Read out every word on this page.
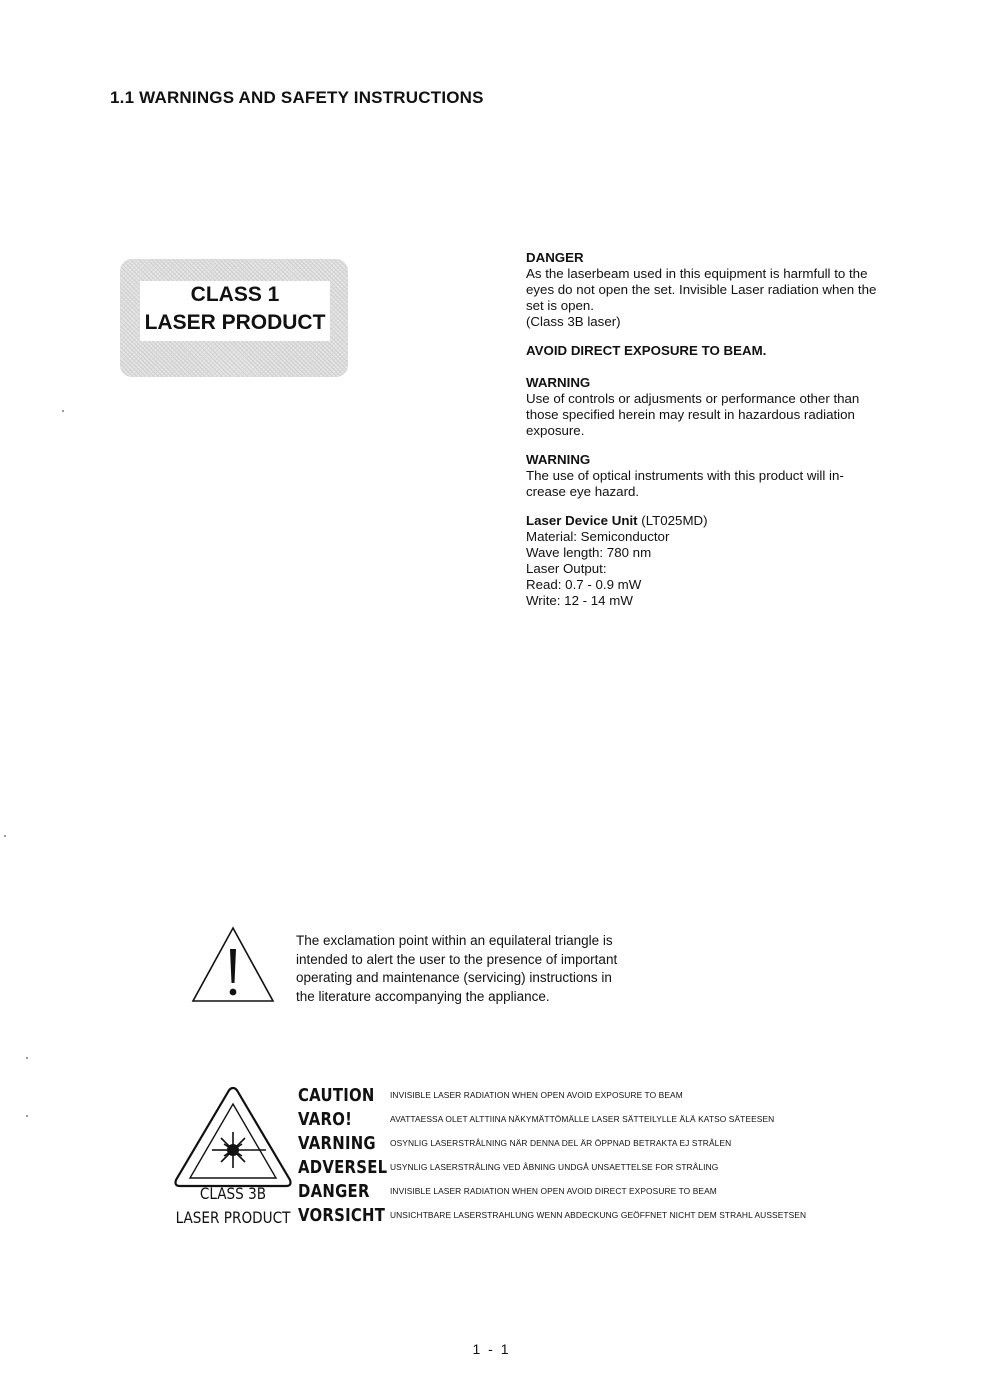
1.1 WARNINGS AND SAFETY INSTRUCTIONS
CLASS 1
LASER PRODUCT

DANGER

As the laserbeam used in this equipment is harmfull to the

eyes do not open the set. Invisible Laser radiation when the

set is open.

(Class 3B laser)

AVOID DIRECT EXPOSURE TO BEAM.

WARNING

Use of controls or adjusments or performance other than

those specified herein may result in hazardous radiation

exposure.

WARNING

The use of optical instruments with this product will in-

crease eye hazard.

Laser Device Unit (LT025MD)

Material: Semiconductor

Wave length: 780 nm

Laser Output:

Read: 0.7 - 0.9 mW

Write: 12 - 14 mW

The exclamation point within an equilateral triangle is
intended to alert the user to the presence of important
operating and maintenance (servicing) instructions in
the literature accompanying the appliance.
CLASS 3B
LASER PRODUCT
CAUTION INVISIBLE LASER RADIATION WHEN OPEN AVOID EXPOSURE TO BEAM
VARO!	AVATTAESSA OLET ALTTIINA NÄKYMÄTTÖMÄLLE LASER SÄTTEILYLLE ÄLÄ KATSO SÄTEESEN
VARNING OSYNLIG LASERSTRÅLNING NÄR DENNA DEL ÄR ÖPPNAD BETRAKTA EJ STRÅLEN
ADVERSEL USYNLIG LASERSTRÅLING VED ÅBNING UNDGÅ UNSAETTELSE FOR STRÅLING
DANGER INVISIBLE LASER RADIATION WHEN OPEN AVOID DIRECT EXPOSURE TO BEAM
VORSICHT UNSICHTBARE LASERSTRAHLUNG WENN ABDECKUNG GEÖFFNET NICHT DEM STRAHL AUSSETSEN
1 - 1
